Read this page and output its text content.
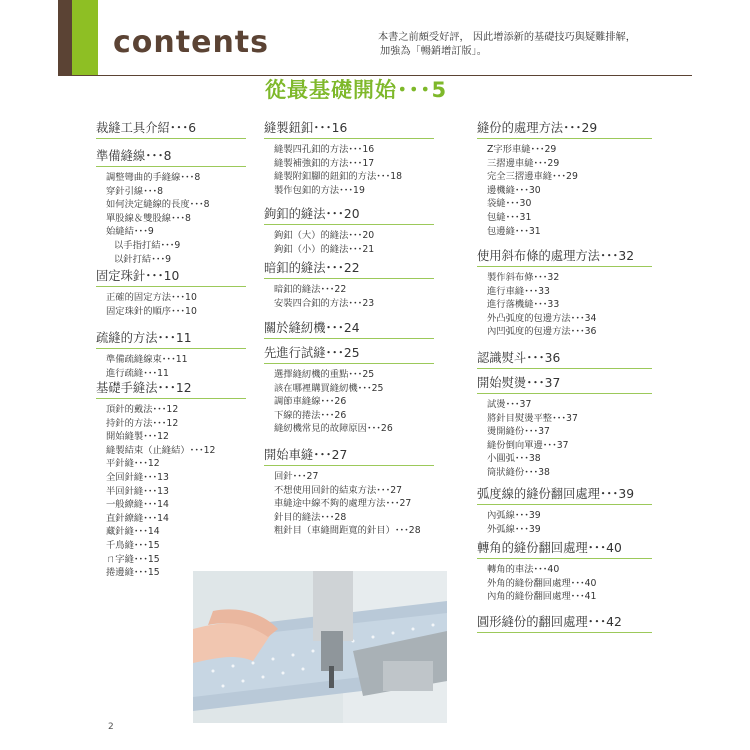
contents	本書之前頗受好評， 因此增添新的基礎技巧與疑難排解，
加強為「暢銷增訂版」。
從最基礎開始･･･5
裁縫工具介紹･･･6
準備縫線･･･8
調整彎曲的手縫線･･･8
穿針引線･･･8
如何決定縫線的長度･･･8
單股線＆雙股線･･･8
始縫結･･･9
以手指打結･･･9
以針打結･･･9
固定珠針･･･10
正確的固定方法･･･10
固定珠針的順序･･･10
疏縫的方法･･･11
準備疏縫線束･･･11
進行疏縫･･･11
基礎手縫法･･･12
頂針的戴法･･･12
持針的方法･･･12
開始縫製･･･12
縫製結束（止縫結）･･･12
平針縫･･･12
全回針縫･･･13
半回針縫･･･13
一般繚縫･･･14
直針繚縫･･･14
藏針縫･･･14
千鳥縫･･･15
ㄇ字縫･･･15
捲邊縫･･･15
縫製鈕釦･･･16
縫製四孔釦的方法･･･16
縫製補強釦的方法･･･17
縫製附釦腳的鈕釦的方法･･･18
製作包釦的方法･･･19
鉤釦的縫法･･･20
鉤釦（大）的縫法･･･20
鉤釦（小）的縫法･･･21
暗釦的縫法･･･22
暗釦的縫法･･･22
安裝四合釦的方法･･･23
關於縫紉機･･･24
先進行試縫･･･25
選擇縫紉機的重點･･･25
該在哪裡購買縫紉機･･･25
調節車縫線･･･26
下線的捲法･･･26
縫紉機常見的故障原因･･･26
開始車縫･･･27
回針･･･27
不想使用回針的結束方法･･･27
車縫途中線不夠的處理方法･･･27
針目的縫法･･･28
粗針目（車縫間距寬的針目）･･･28
縫份的處理方法･･･29
Z字形車縫･･･29
三摺邊車縫･･･29
完全三摺邊車縫･･･29
邊機縫･･･30
袋縫･･･30
包縫･･･31
包邊縫･･･31
使用斜布條的處理方法･･･32
製作斜布條･･･32
進行車縫･･･33
進行落機縫･･･33
外凸弧度的包邊方法･･･34
內凹弧度的包邊方法･･･36
認識熨斗･･･36
開始熨燙･･･37
試燙･･･37
將針目熨燙平整･･･37
燙開縫份･･･37
縫份倒向單邊･･･37
小圓弧･･･38
筒狀縫份･･･38
弧度線的縫份翻回處理･･･39
內弧線･･･39
外弧線･･･39
轉角的縫份翻回處理･･･40
轉角的車法･･･40
外角的縫份翻回處理･･･40
內角的縫份翻回處理･･･41
圓形縫份的翻回處理･･･42
2
